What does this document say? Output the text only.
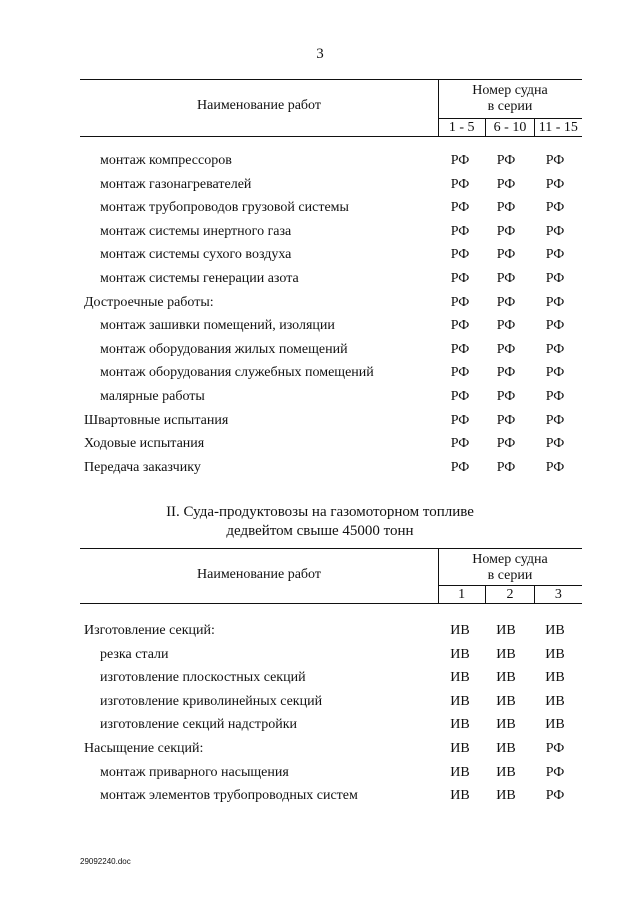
3
Наименование работ
Номер судна
в серии
1 - 5	6 - 10 11 - 15
монтаж компрессоров	РФ	РФ	РФ
монтаж газонагревателей	РФ	РФ	РФ
монтаж трубопроводов грузовой системы	РФ	РФ	РФ
монтаж системы инертного газа	РФ	РФ	РФ
монтаж системы сухого воздуха	РФ	РФ	РФ
монтаж системы генерации азота	РФ	РФ	РФ
Достроечные работы:	РФ	РФ	РФ
монтаж зашивки помещений, изоляции	РФ	РФ	РФ
монтаж оборудования жилых помещений	РФ	РФ	РФ
монтаж оборудования служебных помещений	РФ	РФ	РФ
малярные работы	РФ	РФ	РФ
Швартовные испытания	РФ	РФ	РФ
Ходовые испытания	РФ	РФ	РФ
Передача заказчику	РФ	РФ	РФ
II. Суда-продуктовозы на газомоторном топливе
дедвейтом свыше 45000 тонн
Наименование работ
Номер судна
в серии
1	2	3
Изготовление секций:	ИВ	ИВ	ИВ
резка стали	ИВ	ИВ	ИВ
изготовление плоскостных секций	ИВ	ИВ	ИВ
изготовление криволинейных секций	ИВ	ИВ	ИВ
изготовление секций надстройки	ИВ	ИВ	ИВ
Насыщение секций:	ИВ	ИВ	РФ
монтаж приварного насыщения	ИВ	ИВ	РФ
монтаж элементов трубопроводных систем	ИВ	ИВ	РФ
29092240.doc
